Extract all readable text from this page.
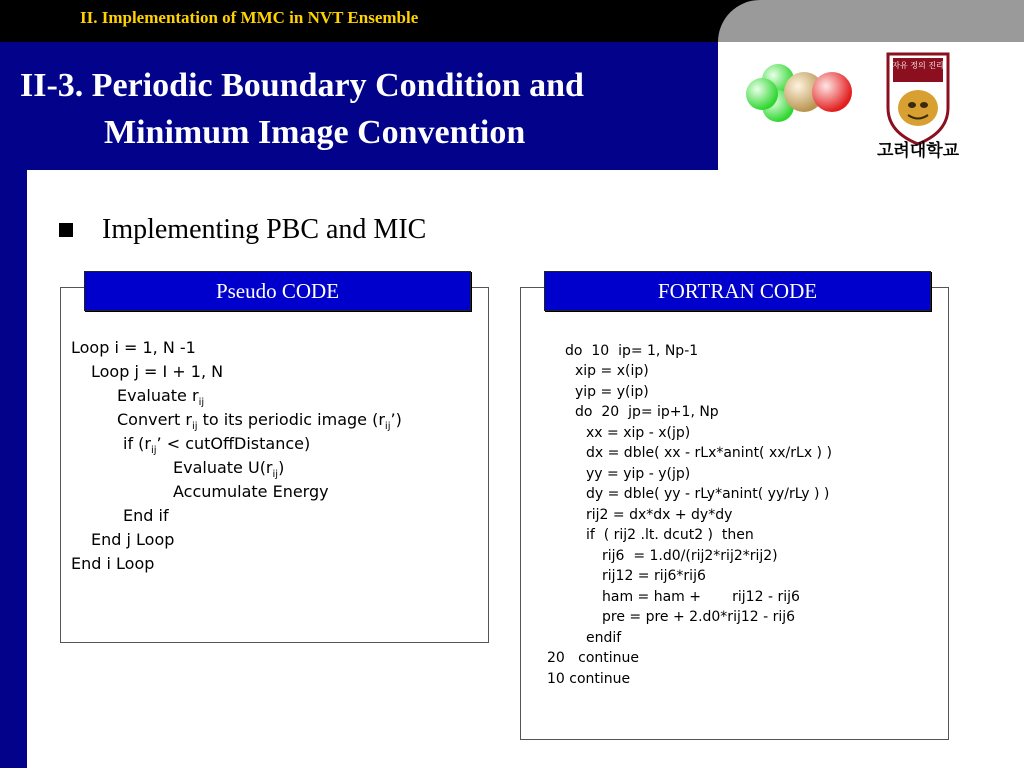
II. Implementation of MMC in NVT Ensemble
II-3. Periodic Boundary Condition and
Minimum Image Convention
자유 정의 진리
고려대학교
Implementing PBC and MIC
Loop i = 1, N -1
Loop j = I + 1, N
Evaluate $r_{ij}$
Convert $r_{ij}$ to its periodic image $(r_{ij}’)$
if ($r_{ij}$’ < cutOffDistance)
Evaluate $U(r_{ij})$
Accumulate Energy
End if
End j Loop
End i Loop
Pseudo CODE
do  10  ip= 1, Np-1
xip = x(ip)
yip = y(ip)
do  20  jp= ip+1, Np
xx = xip - x(jp)
dx = dble( xx - rLx*anint( xx/rLx ) )
yy = yip - y(jp)
dy = dble( yy - rLy*anint( yy/rLy ) )
rij2 = dx*dx + dy*dy
if  ( rij2 .lt. dcut2 )  then
rij6  = 1.d0/(rij2*rij2*rij2)
rij12 = rij6*rij6
ham = ham +       rij12 - rij6
pre = pre + 2.d0*rij12 - rij6
endif
20   continue
10 continue
FORTRAN CODE
